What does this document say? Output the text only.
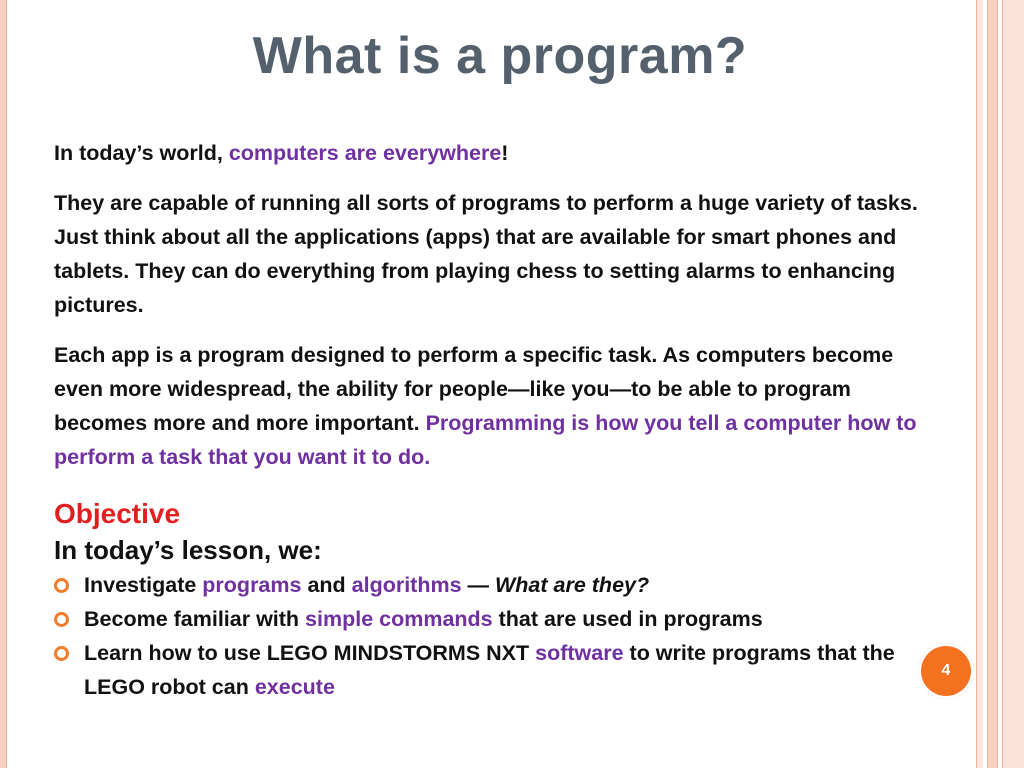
What is a program?

In today’s world, computers are everywhere!

They are capable of running all sorts of programs to perform a huge variety of tasks. Just think about all the applications (apps) that are available for smart phones and tablets. They can do everything from playing chess to setting alarms to enhancing pictures.

Each app is a program designed to perform a specific task. As computers become even more widespread, the ability for people—like you—to be able to program becomes more and more important. Programming is how you tell a computer how to perform a task that you want it to do.

Objective
In today’s lesson, we:
Investigate programs and algorithms — What are they?
Become familiar with simple commands that are used in programs
Learn how to use LEGO MINDSTORMS NXT software to write programs that the LEGO robot can execute
4
